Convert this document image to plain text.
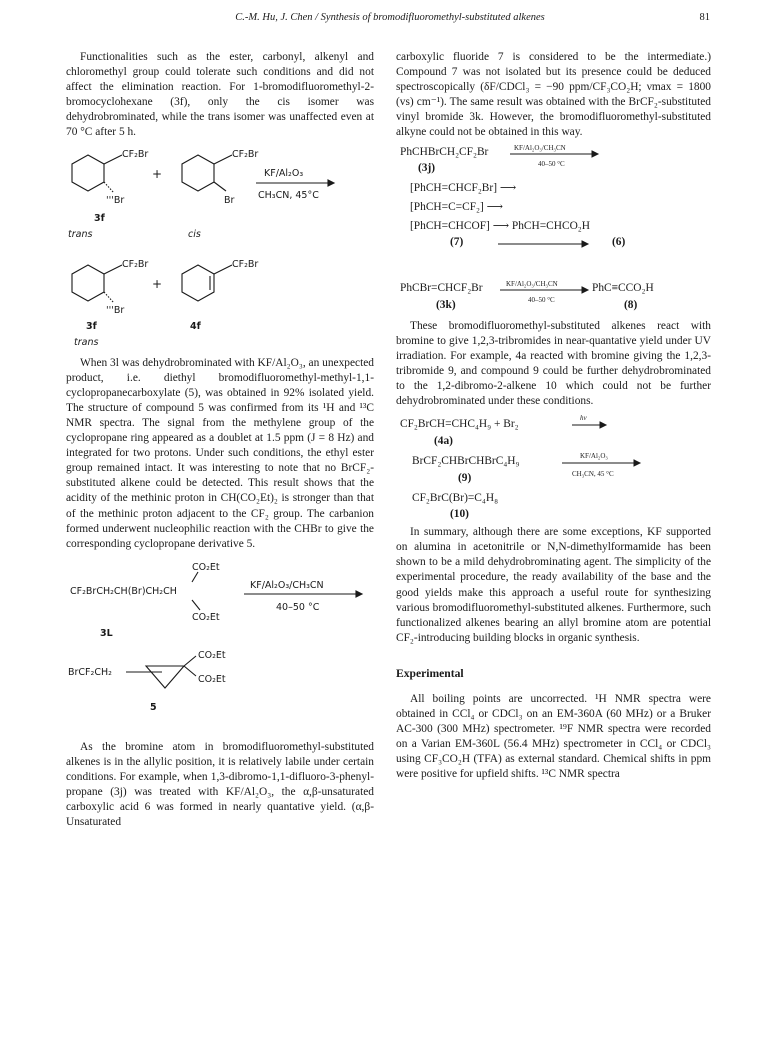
C.-M. Hu, J. Chen / Synthesis of bromodifluoromethyl-substituted alkenes	81

Functionalities such as the ester, carbonyl, alkenyl and chloromethyl group could tolerate such conditions and did not affect the elimination reaction. For 1-bromodifluoromethyl-2-bromocyclohexane (3f), only the cis isomer was dehydrobrominated, while the trans isomer was unaffected even at 70 °C after 5 h.

CF₂Br
'''Br
+
CF₂Br
Br
KF/Al₂O₃
CH₃CN, 45°C
3f
trans	cis
CF₂Br
'''Br
+
CF₂Br
3f	4f
trans

When 3l was dehydrobrominated with KF/Al₂O₃, an unexpected product, i.e. diethyl bromodifluoromethyl-methyl-1,1-cyclopropanecarboxylate (5), was obtained in 92% isolated yield. The structure of compound 5 was confirmed from its ¹H and ¹³C NMR spectra. The signal from the methylene group of the cyclopropane ring appeared as a doublet at 1.5 ppm (J = 8 Hz) and integrated for two protons. Under such conditions, the ethyl ester group remained intact. It was interesting to note that no BrCF₂-substituted alkene could be detected. This result shows that the acidity of the methinic proton in CH(CO₂Et)₂ is stronger than that of the methinic proton adjacent to the CF₂ group. The carbanion formed underwent nucleophilic reaction with the CHBr to give the corresponding cyclopropane derivative 5.

CO₂Et
CF₂BrCH₂CH(Br)CH₂CH
CO₂Et
KF/Al₂O₃/CH₃CN
40–50 °C
3L
BrCF₂CH₂
CO₂Et
CO₂Et
5

As the bromine atom in bromodifluoromethyl-substituted alkenes is in the allylic position, it is relatively labile under certain conditions. For example, when 1,3-dibromo-1,1-difluoro-3-phenyl-propane (3j) was treated with KF/Al₂O₃, the α,β-unsaturated carboxylic acid 6 was formed in nearly quantative yield. (α,β-Unsaturated

carboxylic fluoride 7 is considered to be the intermediate.) Compound 7 was not isolated but its presence could be deduced spectroscopically (δF/CDCl₃ = −90 ppm/CF₃CO₂H; νmax = 1800 (vs) cm⁻¹). The same result was obtained with the BrCF₂-substituted vinyl bromide 3k. However, the bromodifluoromethyl-substituted alkyne could not be obtained in this way.

PhCHBrCH₂CF₂Br	KF/Al₂O₃/CH₃CN
40–50 °C
(3j)
[PhCH=CHCF₂Br] ⟶
[PhCH=C=CF₂] ⟶
[PhCH=CHCOF] ⟶ PhCH=CHCO₂H
(7)	(6)
PhCBr=CHCF₂Br	KF/Al₂O₃/CH₃CN
40–50 °C
PhC≡CCO₂H
(3k)	(8)

These bromodifluoromethyl-substituted alkenes react with bromine to give 1,2,3-tribromides in near-quantative yield under UV irradiation. For example, 4a reacted with bromine giving the 1,2,3-tribromide 9, and compound 9 could be further dehydrobrominated to the 1,2-dibromo-2-alkene 10 which could not be further dehydrobrominated under these conditions.

CF₂BrCH=CHC₄H₉ + Br₂	hν
(4a)
BrCF₂CHBrCHBrC₄H₉	KF/Al₂O₃
CH₃CN, 45 °C
(9)
CF₂BrC(Br)=C₄H₈
(10)

In summary, although there are some exceptions, KF supported on alumina in acetonitrile or N,N-dimethylformamide has been shown to be a mild dehydrobrominating agent. The simplicity of the experimental procedure, the ready availability of the base and the good yields make this approach a useful route for synthesizing various bromodifluoromethyl-substituted alkenes. Furthermore, such functionalized alkenes bearing an allyl bromine atom are potential CF₂-introducing building blocks in organic synthesis.

Experimental

All boiling points are uncorrected. ¹H NMR spectra were obtained in CCl₄ or CDCl₃ on an EM-360A (60 MHz) or a Bruker AC-300 (300 MHz) spectrometer. ¹⁹F NMR spectra were recorded on a Varian EM-360L (56.4 MHz) spectrometer in CCl₄ or CDCl₃ using CF₃CO₂H (TFA) as external standard. Chemical shifts in ppm were positive for upfield shifts. ¹³C NMR spectra
